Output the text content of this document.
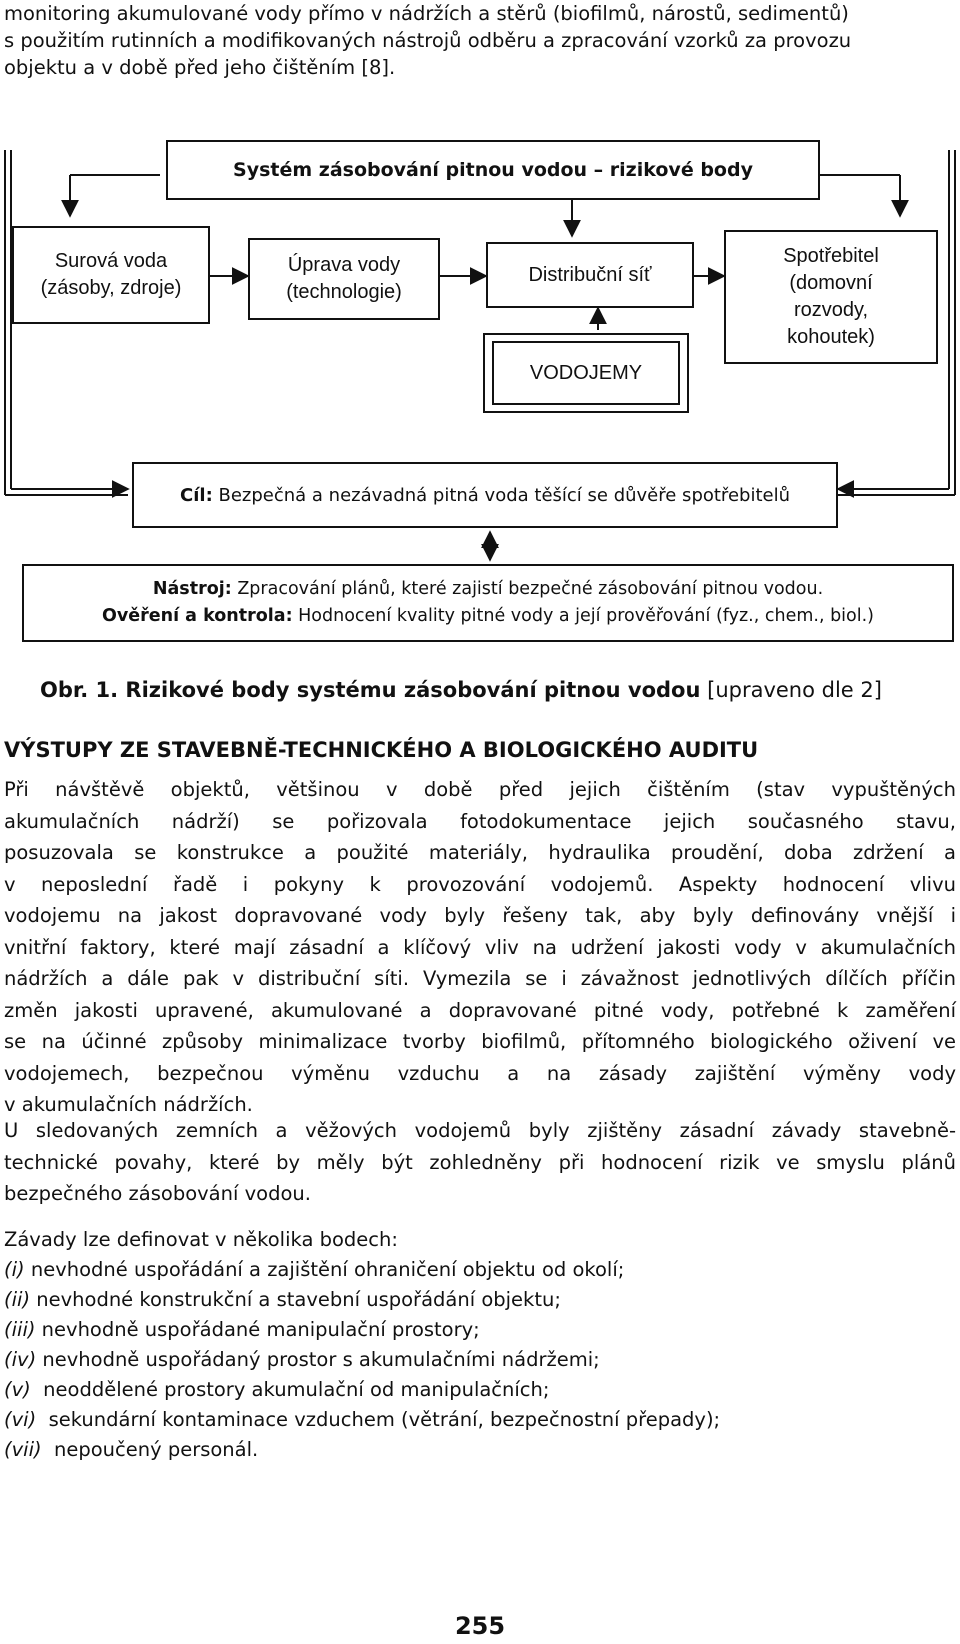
monitoring akumulované vody přímo v nádržích a stěrů (biofilmů, nárostů, sedimentů)
s použitím rutinních a modifikovaných nástrojů odběru a zpracování vzorků za provozu
objektu a v době před jeho čištěním [8].
Systém zásobování pitnou vodou – rizikové body
Surová voda
(zásoby, zdroje)
Úprava vody
(technologie)
Distribuční síť
VODOJEMY
Spotřebitel
(domovní
rozvody,
kohoutek)
Cíl: Bezpečná a nezávadná pitná voda těšící se důvěře spotřebitelů
Nástroj: Zpracování plánů, které zajistí bezpečné zásobování pitnou vodou.
Ověření a kontrola: Hodnocení kvality pitné vody a její prověřování (fyz., chem., biol.)
Obr. 1. Rizikové body systému zásobování pitnou vodou [upraveno dle 2]
VÝSTUPY ZE STAVEBNĚ-TECHNICKÉHO A BIOLOGICKÉHO AUDITU
Při návštěvě objektů, většinou v době před jejich čištěním (stav vypuštěných
akumulačních nádrží) se pořizovala fotodokumentace jejich současného stavu,
posuzovala se konstrukce a použité materiály, hydraulika proudění, doba zdržení a
v neposlední řadě i pokyny k provozování vodojemů. Aspekty hodnocení vlivu
vodojemu na jakost dopravované vody byly řešeny tak, aby byly definovány vnější i
vnitřní faktory, které mají zásadní a klíčový vliv na udržení jakosti vody v akumulačních
nádržích a dále pak v distribuční síti. Vymezila se i závažnost jednotlivých dílčích příčin
změn jakosti upravené, akumulované a dopravované pitné vody, potřebné k zaměření
se na účinné způsoby minimalizace tvorby biofilmů, přítomného biologického oživení ve
vodojemech, bezpečnou výměnu vzduchu a na zásady zajištění výměny vody
v akumulačních nádržích.
U sledovaných zemních a věžových vodojemů byly zjištěny zásadní závady stavebně-
technické povahy, které by měly být zohledněny při hodnocení rizik ve smyslu plánů
bezpečného zásobování vodou.
Závady lze definovat v několika bodech:
(i) nevhodné uspořádání a zajištění ohraničení objektu od okolí;
(ii) nevhodné konstrukční a stavební uspořádání objektu;
(iii) nevhodně uspořádané manipulační prostory;
(iv) nevhodně uspořádaný prostor s akumulačními nádržemi;
(v)  neoddělené prostory akumulační od manipulačních;
(vi)  sekundární kontaminace vzduchem (větrání, bezpečnostní přepady);
(vii)  nepoučený personál.
255
